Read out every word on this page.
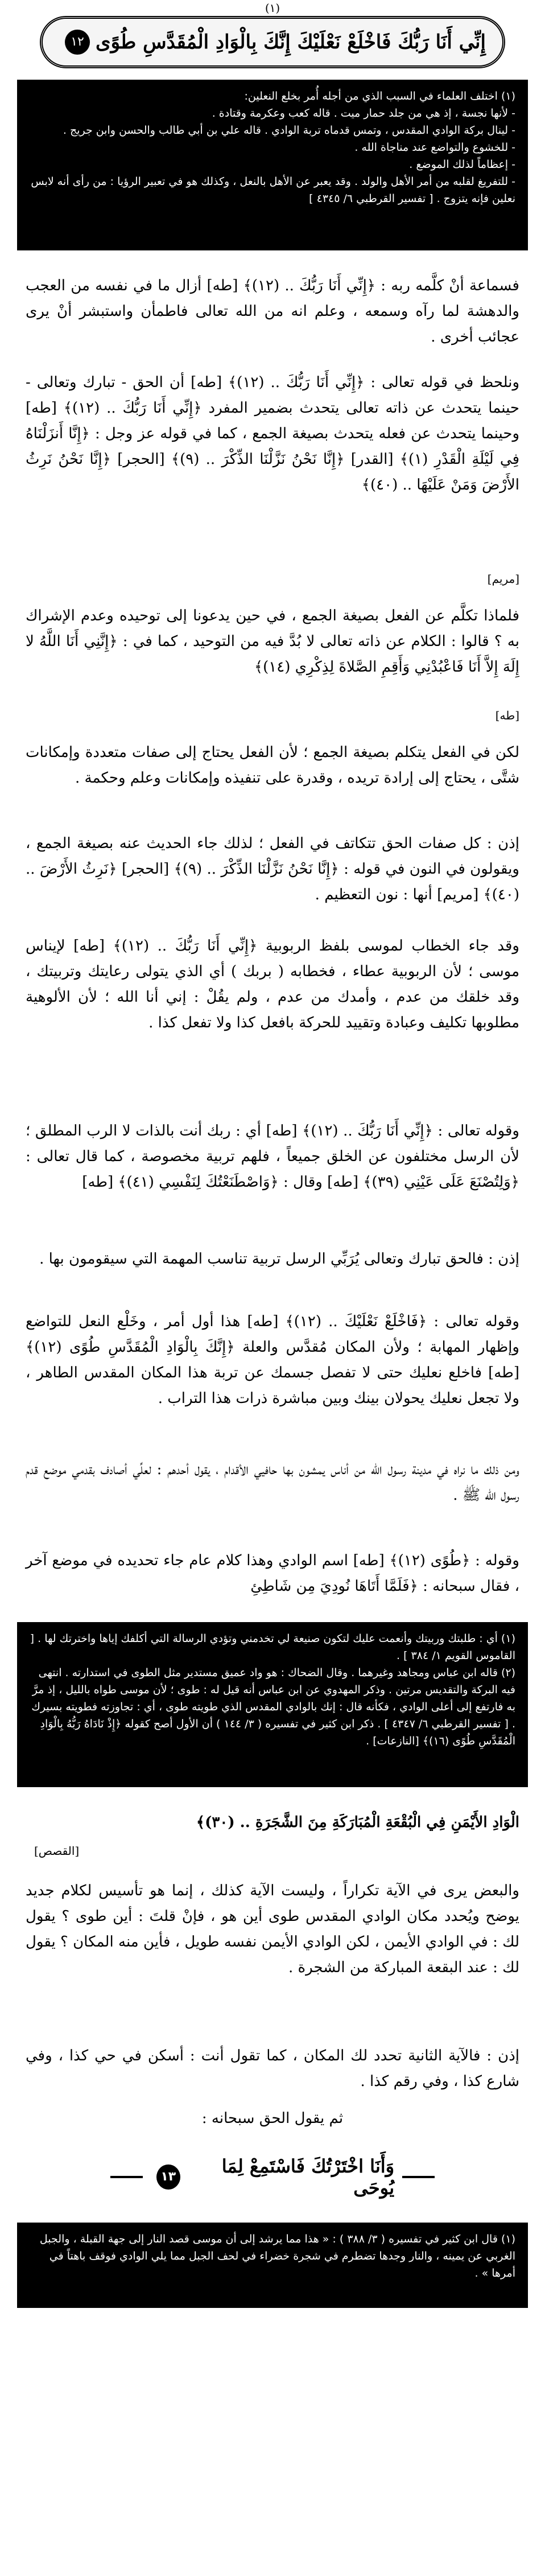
(١)
١٢ إِنِّي أَنَا رَبُّكَ فَاخْلَعْ نَعْلَيْكَ إِنَّكَ بِالْوَادِ الْمُقَدَّسِ طُوًى

(١) اختلف العلماء في السبب الذي من أجله أُمر بخلع النعلين:

- لأنها نجسة ، إذ هي من جلد حمار ميت . قاله كعب وعكرمة وقتادة .

- لينال بركة الوادي المقدس ، وتمس قدماه تربة الوادي . قاله علي بن أبي طالب والحسن وابن جريج .

- للخشوع والتواضع عند مناجاة الله .

- إعظاماً لذلك الموضع .

- للتفريغ لقلبه من أمر الأهل والولد . وقد يعبر عن الأهل بالنعل ، وكذلك هو في تعبير الرؤيا : من رأى أنه لابس نعلين فإنه يتزوج . [ تفسير القرطبي ٦/ ٤٣٤٥ ]

فسماعة أنْ كلَّمه ربه : ﴿إِنِّي أَنَا رَبُّكَ .. (١٢)﴾ [طه] أزال ما في نفسه من العجب والدهشة لما رآه وسمعه ، وعلم انه من الله تعالى فاطمأن واستبشر أنْ يرى عجائب أخرى .

ونلحظ في قوله تعالى : ﴿إِنِّي أَنَا رَبُّكَ .. (١٢)﴾ [طه] أن الحق - تبارك وتعالى - حينما يتحدث عن ذاته تعالى يتحدث بضمير المفرد ﴿إِنِّي أَنَا رَبُّكَ .. (١٢)﴾ [طه] وحينما يتحدث عن فعله يتحدث بصيغة الجمع ، كما في قوله عز وجل : ﴿إِنَّا أَنزَلْنَاهُ فِي لَيْلَةِ الْقَدْرِ (١)﴾ [القدر] ﴿إِنَّا نَحْنُ نَزَّلْنَا الذِّكْرَ .. (٩)﴾ [الحجر] ﴿إِنَّا نَحْنُ نَرِثُ الأَرْضَ وَمَنْ عَلَيْهَا .. (٤٠)﴾

[مريم]

فلماذا تكلَّم عن الفعل بصيغة الجمع ، في حين يدعونا إلى توحيده وعدم الإشراك به ؟ قالوا : الكلام عن ذاته تعالى لا بُدَّ فيه من التوحيد ، كما في : ﴿إِنَّنِي أَنَا اللَّهُ لا إِلَهَ إِلاَّ أَنَا فَاعْبُدْنِي وَأَقِمِ الصَّلاةَ لِذِكْرِي (١٤)﴾

[طه]

لكن في الفعل يتكلم بصيغة الجمع ؛ لأن الفعل يحتاج إلى صفات متعددة وإمكانات شتَّى ، يحتاج إلى إرادة تريده ، وقدرة على تنفيذه وإمكانات وعلم وحكمة .

إذن : كل صفات الحق تتكاتف في الفعل ؛ لذلك جاء الحديث عنه بصيغة الجمع ، ويقولون في النون في قوله : ﴿إِنَّا نَحْنُ نَزَّلْنَا الذِّكْرَ .. (٩)﴾ [الحجر] ﴿نَرِثُ الأَرْضَ .. (٤٠)﴾ [مريم] أنها : نون التعظيم .

وقد جاء الخطاب لموسى بلفظ الربوبية ﴿إِنِّي أَنَا رَبُّكَ .. (١٢)﴾ [طه] لإيناس موسى ؛ لأن الربوبية عطاء ، فخطابه ( بربك ) أي الذي يتولى رعايتك وتربيتك ، وقد خلقك من عدم ، وأمدك من عدم ، ولم يقُلْ : إني أنا الله ؛ لأن الألوهية مطلوبها تكليف وعبادة وتقييد للحركة بافعل كذا ولا تفعل كذا .

وقوله تعالى : ﴿إِنِّي أَنَا رَبُّكَ .. (١٢)﴾ [طه] أي : ربك أنت بالذات لا الرب المطلق ؛ لأن الرسل مختلفون عن الخلق جميعاً ، فلهم تربية مخصوصة ، كما قال تعالى : ﴿وَلِتُصْنَعَ عَلَى عَيْنِي (٣٩)﴾ [طه] وقال : ﴿وَاصْطَنَعْتُكَ لِنَفْسِي (٤١)﴾ [طه]

إذن : فالحق تبارك وتعالى يُرَبِّي الرسل تربية تناسب المهمة التي سيقومون بها .

وقوله تعالى : ﴿فَاخْلَعْ نَعْلَيْكَ .. (١٢)﴾ [طه] هذا أول أمر ، وخَلْع النعل للتواضع وإظهار المهابة ؛ ولأن المكان مُقدَّس والعلة ﴿إِنَّكَ بِالْوَادِ الْمُقَدَّسِ طُوًى (١٢)﴾ [طه] فاخلع نعليك حتى لا تفصل جسمك عن تربة هذا المكان المقدس الطاهر ، ولا تجعل نعليك يحولان بينك وبين مباشرة ذرات هذا التراب .

ومن ذلك ما نراه في مدينة رسول الله من أناس يمشون بها حافيي الأقدام ، يقول أحدهم : لعلِّي أصادف بقدمي موضع قدم رسول الله ﷺ .

وقوله : ﴿طُوًى (١٢)﴾ [طه] اسم الوادي وهذا كلام عام جاء تحديده في موضع آخر ، فقال سبحانه : ﴿فَلَمَّا أَتَاهَا نُودِيَ مِن شَاطِئِ

(١) أي : طلبتك وربيتك وأنعمت عليك لتكون صنيعة لي تخدمني وتؤدي الرسالة التي أكلفك إياها واخترتك لها . [ القاموس القويم ١/ ٣٨٤ ] .

(٢) قاله ابن عباس ومجاهد وغيرهما . وقال الضحاك : هو واد عميق مستدير مثل الطوى في استدارته . انتهى فيه البركة والتقديس مرتين . وذكر المهدوي عن ابن عباس أنه قيل له : طوى ؛ لأن موسى طواه بالليل ، إذ مرَّ به فارتفع إلى أعلى الوادي ، فكأنه قال : إنك بالوادي المقدس الذي طويته طوى ، أي : تجاوزته فطويته بسيرك . [ تفسير القرطبي ٦/ ٤٣٤٧ ] . ذكر ابن كثير في تفسيره ( ٣/ ١٤٤ ) أن الأول أصح كقوله ﴿إِذْ نَادَاهُ رَبُّهُ بِالْوَادِ الْمُقَدَّسِ طُوًى (١٦)﴾ [النازعات] .

الْوَادِ الأَيْمَنِ فِي الْبُقْعَةِ الْمُبَارَكَةِ مِنَ الشَّجَرَةِ .. (٣٠)﴾

[القصص]

والبعض يرى في الآية تكراراً ، وليست الآية كذلك ، إنما هو تأسيس لكلام جديد يوضح ويُحدد مكان الوادي المقدس طوى أين هو ، فإنْ قلتَ : أين طوى ؟ يقول لك : في الوادي الأيمن ، لكن الوادي الأيمن نفسه طويل ، فأين منه المكان ؟ يقول لك : عند البقعة المباركة من الشجرة .

إذن : فالآية الثانية تحدد لك المكان ، كما تقول أنت : أسكن في حي كذا ، وفي شارع كذا ، وفي رقم كذا .

ثم يقول الحق سبحانه :

وَأَنَا اخْتَرْتُكَ فَاسْتَمِعْ لِمَا يُوحَى
١٣

(١) قال ابن كثير في تفسيره ( ٣/ ٣٨٨ ) : « هذا مما يرشد إلى أن موسى قصد النار إلى جهة القبلة ، والجبل الغربي عن يمينه ، والنار وجدها تضطرم في شجرة خضراء في لحف الجبل مما يلي الوادي فوقف باهتاً في أمرها » .
